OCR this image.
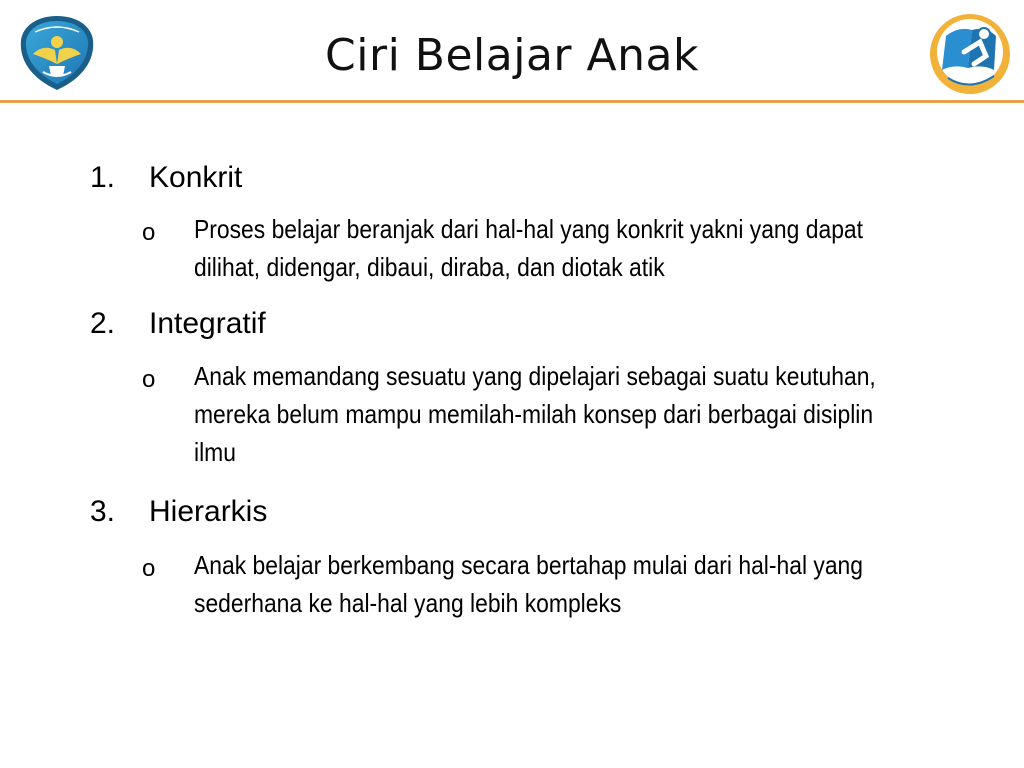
Ciri Belajar Anak
1. Konkrit
o Proses belajar beranjak dari hal-hal yang konkrit yakni yang dapat dilihat, didengar, dibaui, diraba, dan diotak atik
2. Integratif
o Anak memandang sesuatu yang dipelajari sebagai suatu keutuhan, mereka belum mampu memilah-milah konsep dari berbagai disiplin ilmu
3. Hierarkis
o Anak belajar berkembang secara bertahap mulai dari hal-hal yang sederhana ke hal-hal yang lebih kompleks
